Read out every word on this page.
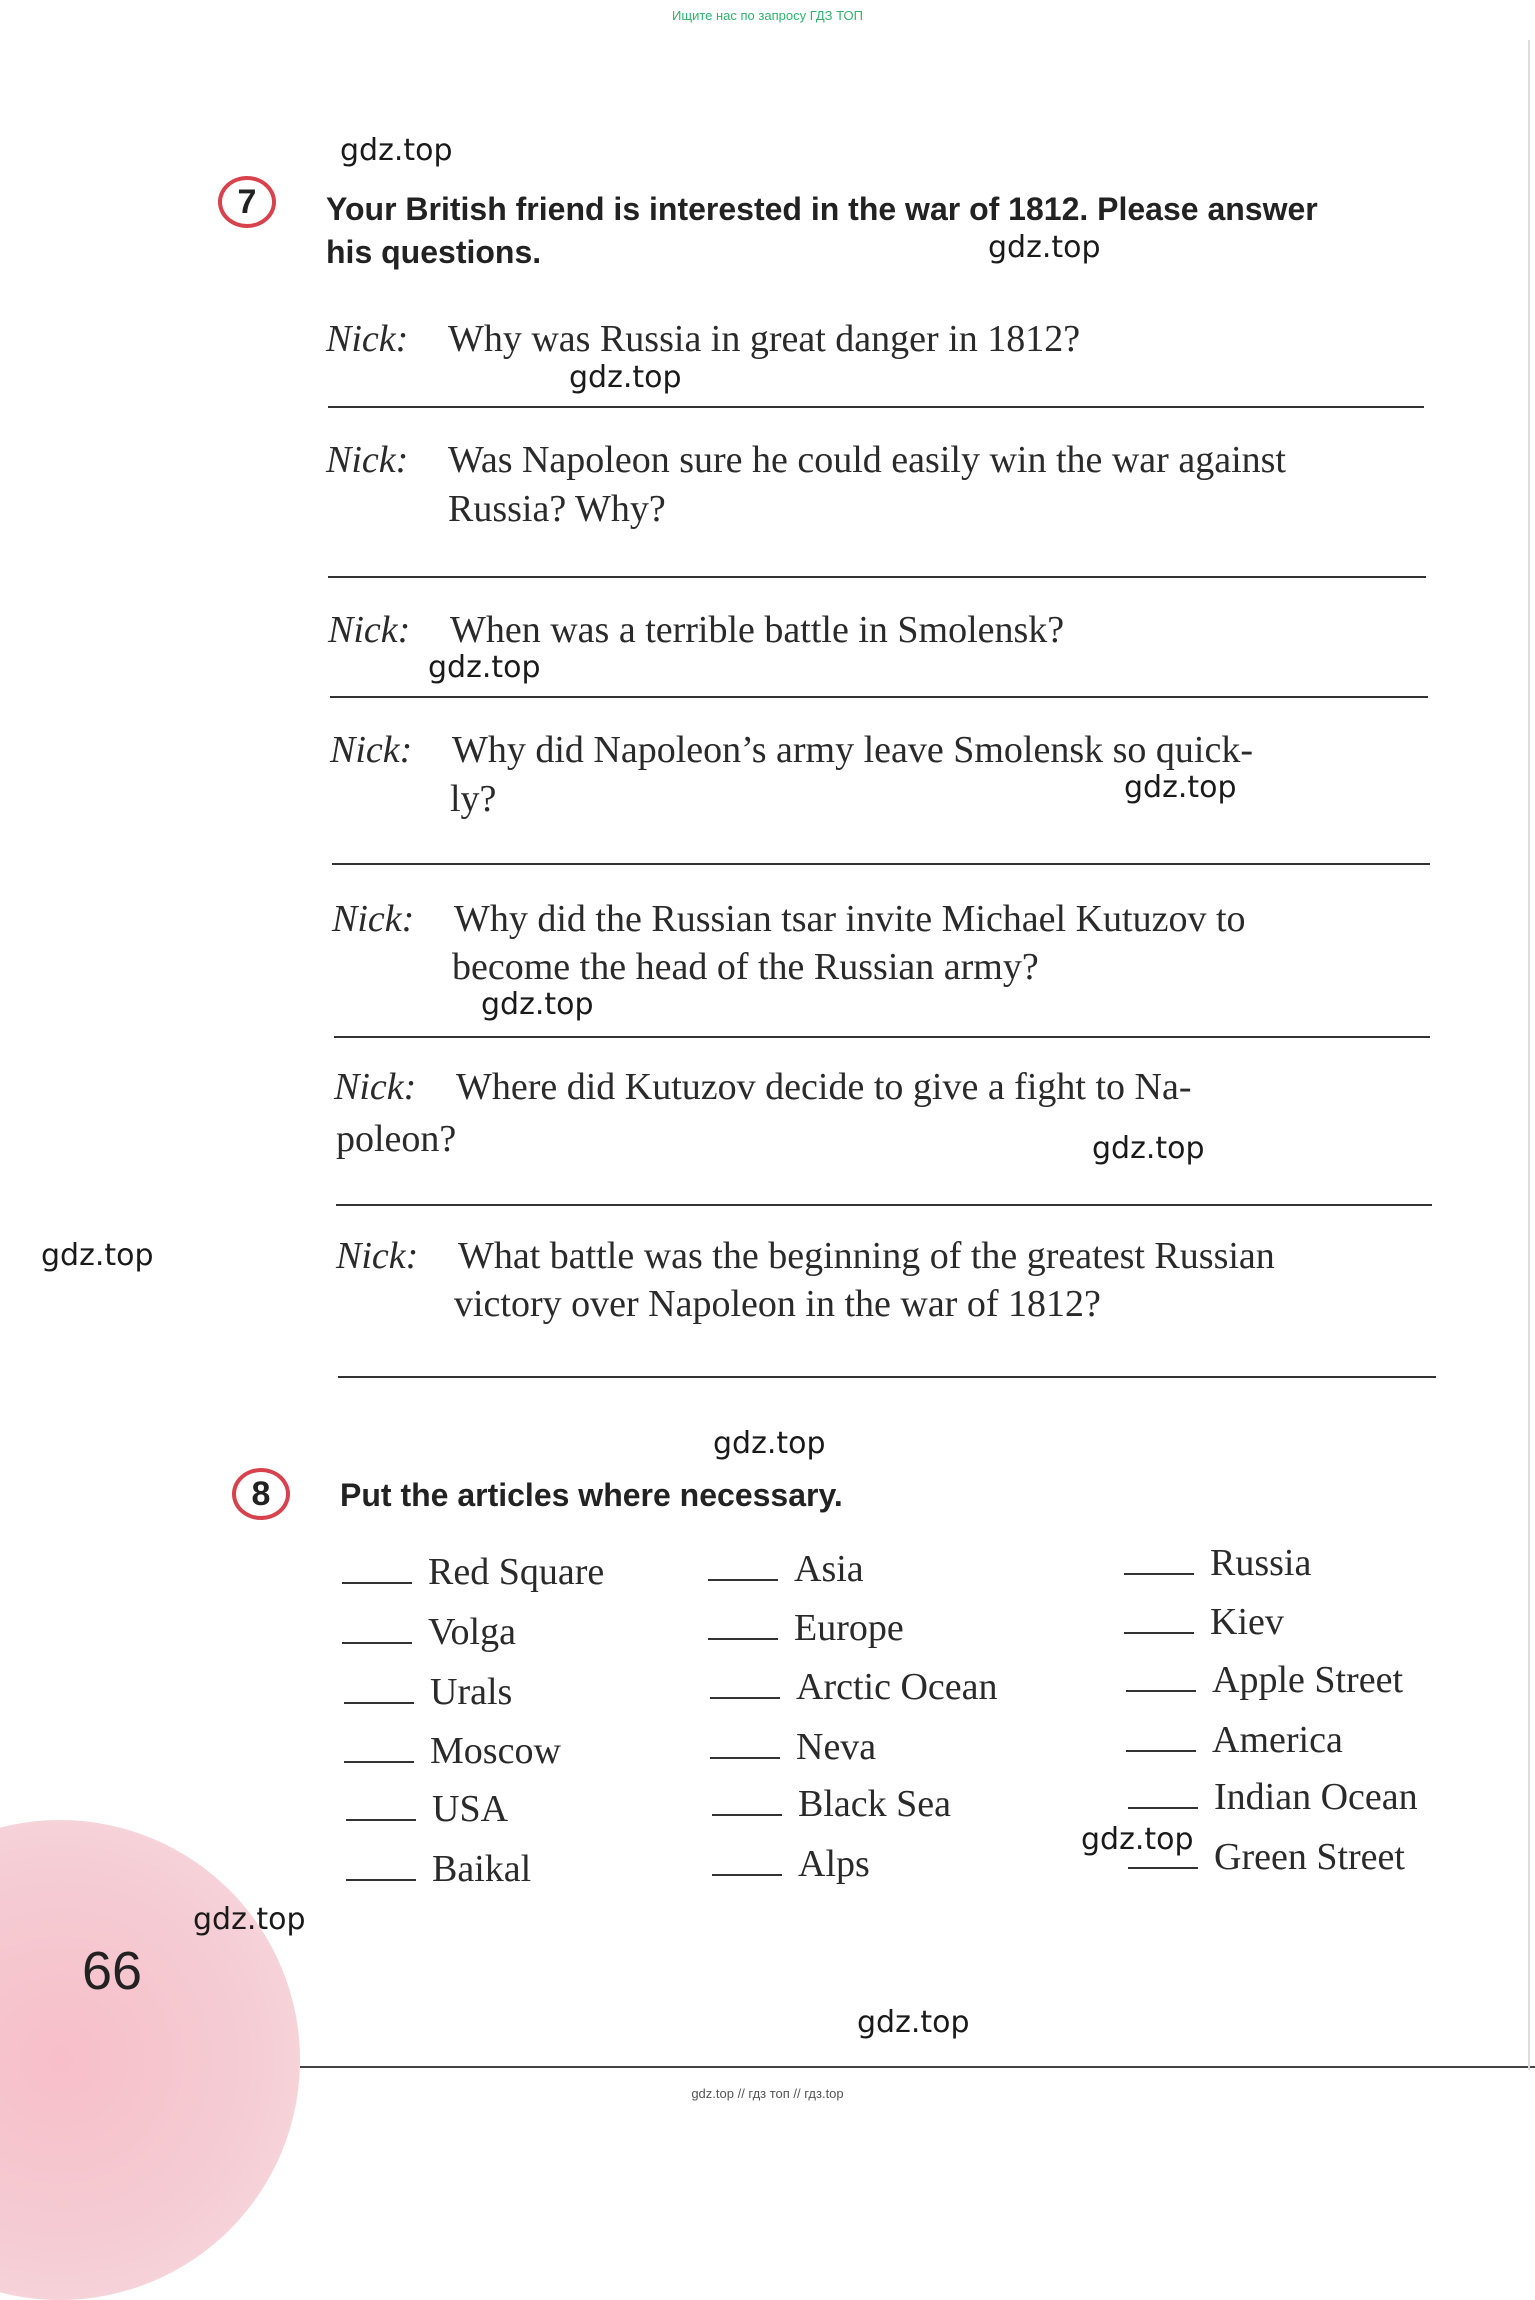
Ищите нас по запросу ГДЗ ТОП
gdz.top // гдз топ // гдз.top
gdz.top
gdz.top
gdz.top
gdz.top
gdz.top
gdz.top
gdz.top
gdz.top
gdz.top
gdz.top
gdz.top
gdz.top
7	Your British friend is interested in the war of 1812. Please answer
his questions.
Nick: Why was Russia in great danger in 1812?
Nick: Was Napoleon sure he could easily win the war against
Russia? Why?
Nick: When was a terrible battle in Smolensk?
Nick: Why did Napoleon’s army leave Smolensk so quick-
ly?
Nick: Why did the Russian tsar invite Michael Kutuzov to
become the head of the Russian army?
Nick: Where did Kutuzov decide to give a fight to Na-
poleon?
Nick: What battle was the beginning of the greatest Russian
victory over Napoleon in the war of 1812?
8	Put the articles where necessary.
Red Square
Volga
Urals
Moscow
USA
Baikal
Asia
Europe
Arctic Ocean
Neva
Black Sea
Alps
Russia
Kiev
Apple Street
America
Indian Ocean
Green Street
66
